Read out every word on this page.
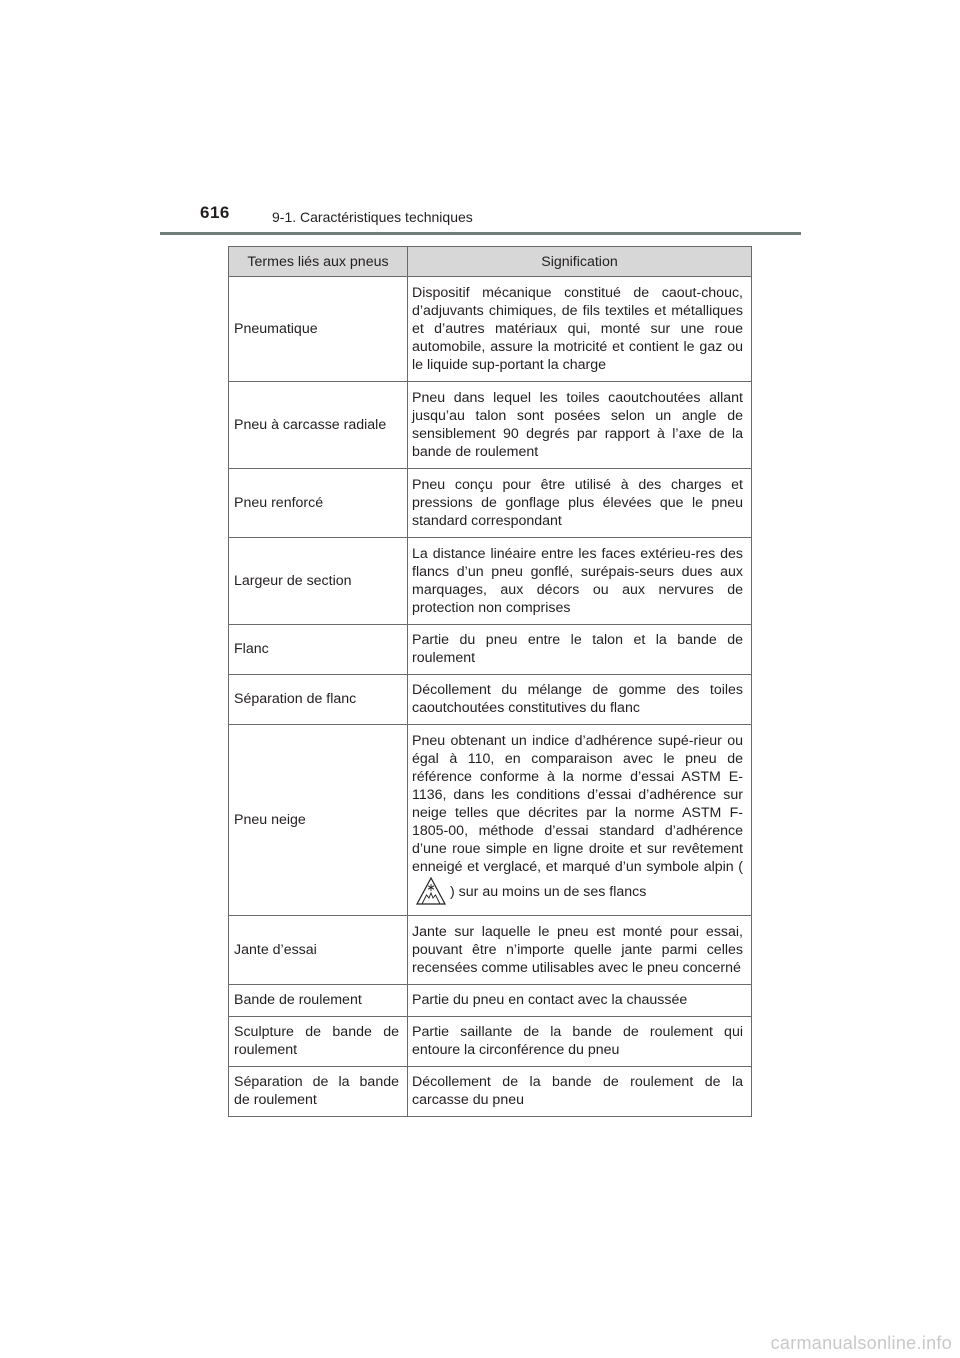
616	9-1. Caractéristiques techniques
Termes liés aux pneus	Signification
Pneumatique	Dispositif mécanique constitué de caout-chouc, d’adjuvants chimiques, de fils textiles et métalliques et d’autres matériaux qui, monté sur une roue automobile, assure la motricité et contient le gaz ou le liquide sup-portant la charge
Pneu à carcasse radiale	Pneu dans lequel les toiles caoutchoutées allant jusqu’au talon sont posées selon un angle de sensiblement 90 degrés par rapport à l’axe de la bande de roulement
Pneu renforcé	Pneu conçu pour être utilisé à des charges et pressions de gonflage plus élevées que le pneu standard correspondant
Largeur de section	La distance linéaire entre les faces extérieu-res des flancs d’un pneu gonflé, surépais-seurs dues aux marquages, aux décors ou aux nervures de protection non comprises
Flanc	Partie du pneu entre le talon et la bande de roulement
Séparation de flanc	Décollement du mélange de gomme des toiles caoutchoutées constitutives du flanc
Pneu neige	Pneu obtenant un indice d’adhérence supé-rieur ou égal à 110, en comparaison avec le pneu de référence conforme à la norme d’essai ASTM E-1136, dans les conditions d’essai d’adhérence sur neige telles que décrites par la norme ASTM F-1805-00, méthode d’essai standard d’adhérence d’une roue simple en ligne droite et sur revêtement enneigé et verglacé, et marqué d’un symbole alpin () sur au moins un de ses flancs
Jante d’essai	Jante sur laquelle le pneu est monté pour essai, pouvant être n’importe quelle jante parmi celles recensées comme utilisables avec le pneu concerné
Bande de roulement	Partie du pneu en contact avec la chaussée
Sculpture de bande de roulement	Partie saillante de la bande de roulement qui entoure la circonférence du pneu
Séparation de la bande de roulement	Décollement de la bande de roulement de la carcasse du pneu
carmanualsonline.info
